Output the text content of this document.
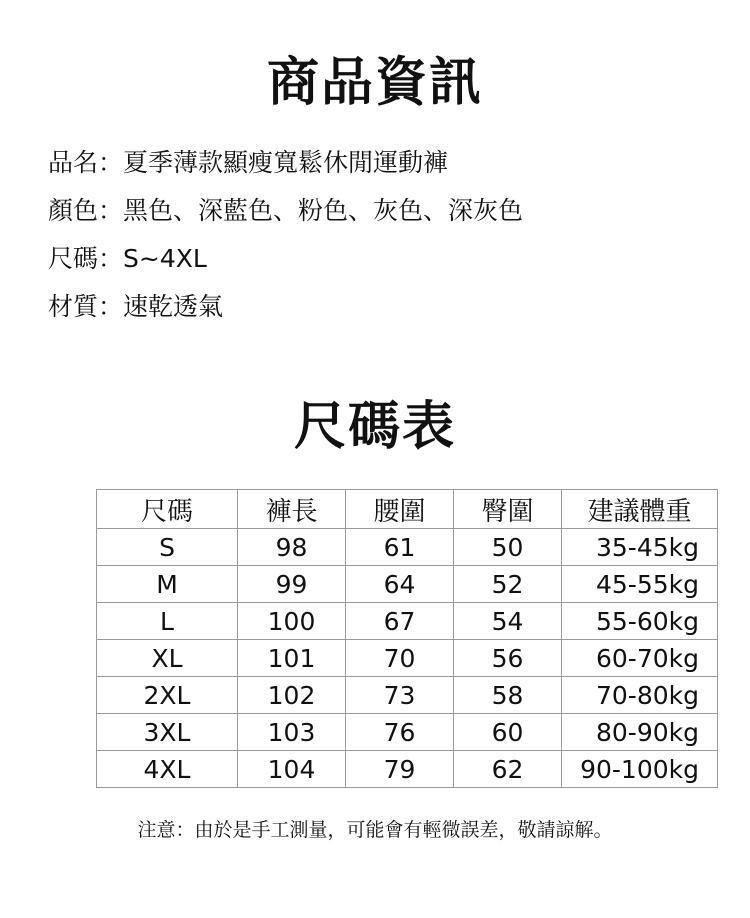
商品資訊
品名：夏季薄款顯瘦寬鬆休閒運動褲
顏色：黑色、深藍色、粉色、灰色、深灰色
尺碼：S~4XL
材質：速乾透氣
尺碼表
尺碼	褲長	腰圍	臀圍	建議體重
S	98	61	50	35-45kg
M	99	64	52	45-55kg
L	100	67	54	55-60kg
XL	101	70	56	60-70kg
2XL	102	73	58	70-80kg
3XL	103	76	60	80-90kg
4XL	104	79	62	90-100kg
注意：由於是手工測量，可能會有輕微誤差，敬請諒解。
